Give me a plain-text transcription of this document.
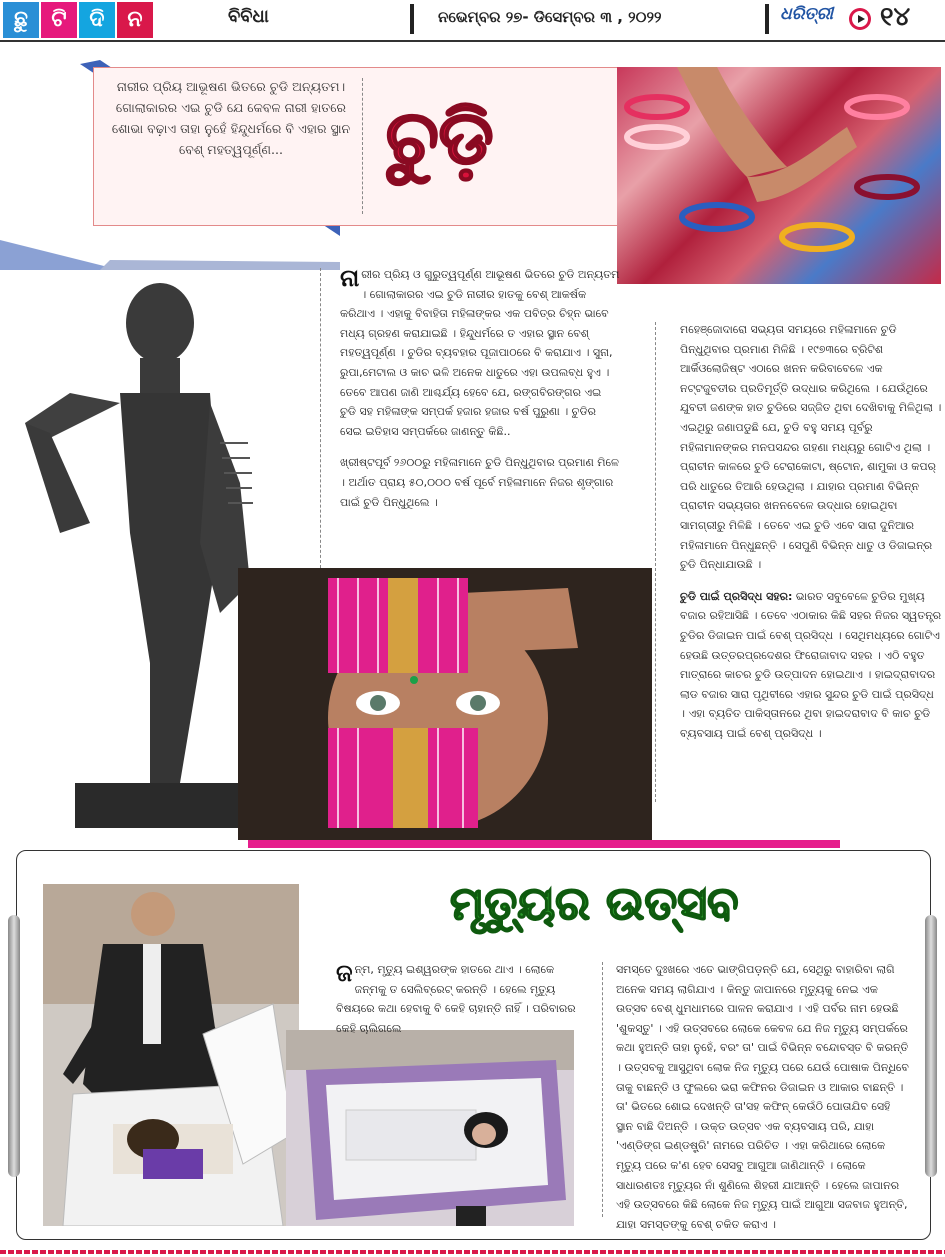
ଛୁ	ଟି	ଦି	ନ	ବିବିଧା	ନଭେମ୍ବର ୨୭- ଡିସେମ୍ବର ୩ , ୨୦୨୨	ଧରିତ୍ରୀ ୧୪
ନାରୀର ପ୍ରିୟ ଆଭୂଷଣ ଭିତରେ ଚୁଡି ଅନ୍ୟତମ। ଗୋଲାକାରର ଏଇ ଚୁଡି ଯେ କେବଳ ନାରୀ ହାତରେ ଶୋଭା ବଢ଼ାଏ ତାହା ନୁହେଁ ହିନ୍ଦୁଧର୍ମରେ ବି ଏହାର ସ୍ଥାନ ବେଶ୍ ମହତ୍ୱପୂର୍ଣ୍ଣ...	ଚୁଡ଼ି

ନାରୀର ପ୍ରିୟ ଓ ଗୁରୁତ୍ୱପୂର୍ଣ୍ଣ ଆଭୂଷଣ ଭିତରେ ଚୁଡି ଅନ୍ୟତମ । ଗୋଲାକାରର ଏଇ ଚୁଡି ନାରୀର ହାତକୁ ବେଶ୍ ଆକର୍ଷକ କରିଥାଏ । ଏହାକୁ ବିବାହିତା ମହିଳାଙ୍କର ଏକ ପବିତ୍ର ଚିହ୍ନ ଭାବେ ମଧ୍ୟ ଗ୍ରହଣ କରାଯାଇଛି । ହିନ୍ଦୁଧର୍ମରେ ତ ଏହାର ସ୍ଥାନ ବେଶ୍ ମହତ୍ୱପୂର୍ଣ୍ଣ । ଚୁଡିର ବ୍ୟବହାର ପୂଜାପାଠରେ ବି କରାଯାଏ । ସୁନା, ରୁପା,ମେଟାଲ ଓ କାଚ ଭଳି ଅନେକ ଧାତୁରେ ଏହା ଉପଲବ୍ଧ ହୁଏ । ତେବେ ଆପଣ ଜାଣି ଆଶ୍ଚର୍ଯ୍ୟ ହେବେ ଯେ, ରଙ୍ଗବିରଙ୍ଗର ଏଇ ଚୁଡି ସହ ମହିଳାଙ୍କ ସମ୍ପର୍କ ହଜାର ହଜାର ବର୍ଷ ପୁରୁଣା । ଚୁଡିର ସେଇ ଇତିହାସ ସମ୍ପର୍କରେ ଜାଣନ୍ତୁ କିଛି..

ଖ୍ରୀଷ୍ଟପୂର୍ବ ୨୬୦୦ରୁ ମହିଳାମାନେ ଚୁଡି ପିନ୍ଧୁଥିବାର ପ୍ରମାଣ ମିଳେ । ଅର୍ଥାତ ପ୍ରାୟ ୫୦,୦୦୦ ବର୍ଷ ପୂର୍ବେ ମହିଳାମାନେ ନିଜର ଶୃଙ୍ଗାର ପାଇଁ ଚୁଡି ପିନ୍ଧୁଥିଲେ ।

ମହେଞ୍ଜୋଦାରୋ ସଭ୍ୟତା ସମୟରେ ମହିଳାମାନେ ଚୁଡି ପିନ୍ଧୁଥିବାର ପ୍ରମାଣ ମିଳିଛି । ୧୯୭୩ରେ ବ୍ରିଟିଶ ଆର୍କିଓଲୋଜିଷ୍ଟ ଏଠାରେ ଖନନ କରିବାବେଳେ ଏକ ନଟ୍ଟଜୁବତୀର ପ୍ରତିମୂର୍ତ୍ତି ଉଦ୍ଧାର କରିଥିଲେ । ଯେଉଁଥିରେ ଯୁବତୀ ଜଣଙ୍କ ହାତ ଚୁଡିରେ ସଜ୍ଜିତ ଥିବା ଦେଖିବାକୁ ମିଳିଥିଲା । ଏଇଥିରୁ ଜଣାପଡୁଛି ଯେ, ଚୁଡି ବହୁ ସମୟ ପୂର୍ବରୁ ମହିଳାମାନଙ୍କର ମନପସନ୍ଦର ଗହଣା ମଧ୍ୟରୁ ଗୋଟିଏ ଥିଲା । ପ୍ରାଚୀନ କାଳରେ ଚୁଡି ଟେରାକୋଟା, ଷ୍ଟୋନ, ଶାମୁକା ଓ କପର୍ ପରି ଧାତୁରେ ତିଆରି ହେଉଥିଲା । ଯାହାର ପ୍ରମାଣ ବିଭିନ୍ନ ପ୍ରାଚୀନ ସଭ୍ୟତାର ଖନନବେଳେ ଉଦ୍ଧାର ହୋଇଥିବା ସାମଗ୍ରୀରୁ ମିଳିଛି । ତେବେ ଏଇ ଚୁଡି ଏବେ ସାରା ଦୁନିଆର ମହିଳାମାନେ ପିନ୍ଧୁଛନ୍ତି । ସେପୁଣି ବିଭିନ୍ନ ଧାତୁ ଓ ଡିଜାଇନ୍‌ର ଚୁଡି ପିନ୍ଧାଯାଉଛି ।

ଚୁଡି ପାଇଁ ପ୍ରସିଦ୍ଧ ସହର: ଭାରତ ସବୁବେଳେ ଚୁଡିର ମୁଖ୍ୟ ବଜାର ରହିଆସିଛି । ତେବେ ଏଠାକାର କିଛି ସହର ନିଜର ସ୍ୱତନ୍ତ୍ର ଚୁଡିର ଡିଜାଇନ ପାଇଁ ବେଶ୍ ପ୍ରସିଦ୍ଧ । ସେଥିମଧ୍ୟରେ ଗୋଟିଏ ହେଉଛି ଉତ୍ତରପ୍ରଦେଶର ଫିରୋଜାବାଦ ସହର । ଏଠି ବହୁତ ମାତ୍ରାରେ କାଚର ଚୁଡି ଉତ୍ପାଦନ ହୋଇଥାଏ । ହାଇଦ୍ରାବାଦର ଲାଡ ବଜାର ସାରା ପୃଥିବୀରେ ଏହାର ସୁନ୍ଦର ଚୁଡି ପାଇଁ ପ୍ରସିଦ୍ଧ । ଏହା ବ୍ୟତିତ ପାକିସ୍ତାନରେ ଥିବା ହାଇଦରାବାଦ ବି କାଚ ଚୁଡି ବ୍ୟବସାୟ ପାଇଁ ବେଶ୍ ପ୍ରସିଦ୍ଧ ।

ମୃତ୍ୟୁର ଉତ୍ସବ

ଜନ୍ମ, ମୃତ୍ୟୁ ଇଶ୍ୱରଙ୍କ ହାତରେ ଥାଏ । ଲୋକେ ଜନ୍ମକୁ ତ ସେଲିବ୍ରେଟ୍ କରନ୍ତି । ହେଲେ ମୃତ୍ୟୁ ବିଷୟରେ କଥା ହେବାକୁ ବି କେହି ଚାହାନ୍ତି ନାହିଁ । ପରିବାରର କେହି ଚାଲିଗଲେ

ସମସ୍ତେ ଦୁଃଖରେ ଏତେ ଭାଙ୍ଗିପଡ଼ନ୍ତି ଯେ, ସେଥିରୁ ବାହାରିବା ଲାଗି ଅନେକ ସମୟ ଲାଗିଯାଏ । କିନ୍ତୁ ଜାପାନରେ ମୃତ୍ୟୁକୁ ନେଇ ଏକ ଉତ୍ସବ ବେଶ୍ ଧୁମଧାମରେ ପାଳନ କରାଯାଏ । ଏହି ପର୍ବର ନାମ ହେଉଛି 'ଶୁକସ୍ତୁ' । ଏହି ଉତ୍ସବରେ ଲୋକେ କେବଳ ଯେ ନିଜ ମୃତ୍ୟୁ ସମ୍ପର୍କରେ କଥା ହୁଅନ୍ତି ତାହା ନୁହେଁ, ବରଂ ତା' ପାଇଁ ବିଭିନ୍ନ ବନ୍ଦୋବସ୍ତ ବି କରନ୍ତି । ଉତ୍ସବକୁ ଆସୁଥିବା ଲୋକ ନିଜ ମୃତ୍ୟୁ ପରେ ଯେଉଁ ପୋଷାକ ପିନ୍ଧିବେ ତାକୁ ବାଛନ୍ତି ଓ ଫୁଲରେ ଭରା କଫିନର ଡିଜାଇନ ଓ ଆକାର ବାଛନ୍ତି । ତା' ଭିତରେ ଶୋଇ ଦେଖନ୍ତି ତା'ସହ କଫିନ୍ କେଉଁଠି ପୋତାଯିବ ସେହି ସ୍ଥାନ ବାଛି ଦିଅନ୍ତି । ଉକ୍ତ ଉତ୍ସବ ଏକ ବ୍ୟବସାୟ ପରି, ଯାହା 'ଏଣ୍ଡିଙ୍ଗ ଇଣ୍ଡଷ୍ଟ୍ରି' ନାମରେ ପରିଚିତ । ଏହା କରିଥାରେ ଲୋକେ ମୃତ୍ୟୁ ପରେ କ'ଣ ହେବ ସେସବୁ ଆଗୁଆ ଜାଣିଥାନ୍ତି । ଲୋକେ ସାଧାରଣତଃ ମୃତ୍ୟୁର ନାଁ ଶୁଣିଲେ ଶିହରୀ ଯାଆନ୍ତି । ହେଲେ ଜାପାନର ଏହି ଉତ୍ସବରେ କିଛି ଲୋକେ ନିଜ ମୃତ୍ୟୁ ପାଇଁ ଆଗୁଆ ସଜବାଜ ହୁଅନ୍ତି, ଯାହା ସମସ୍ତଙ୍କୁ ବେଶ୍ ଚକିତ କରାଏ ।
